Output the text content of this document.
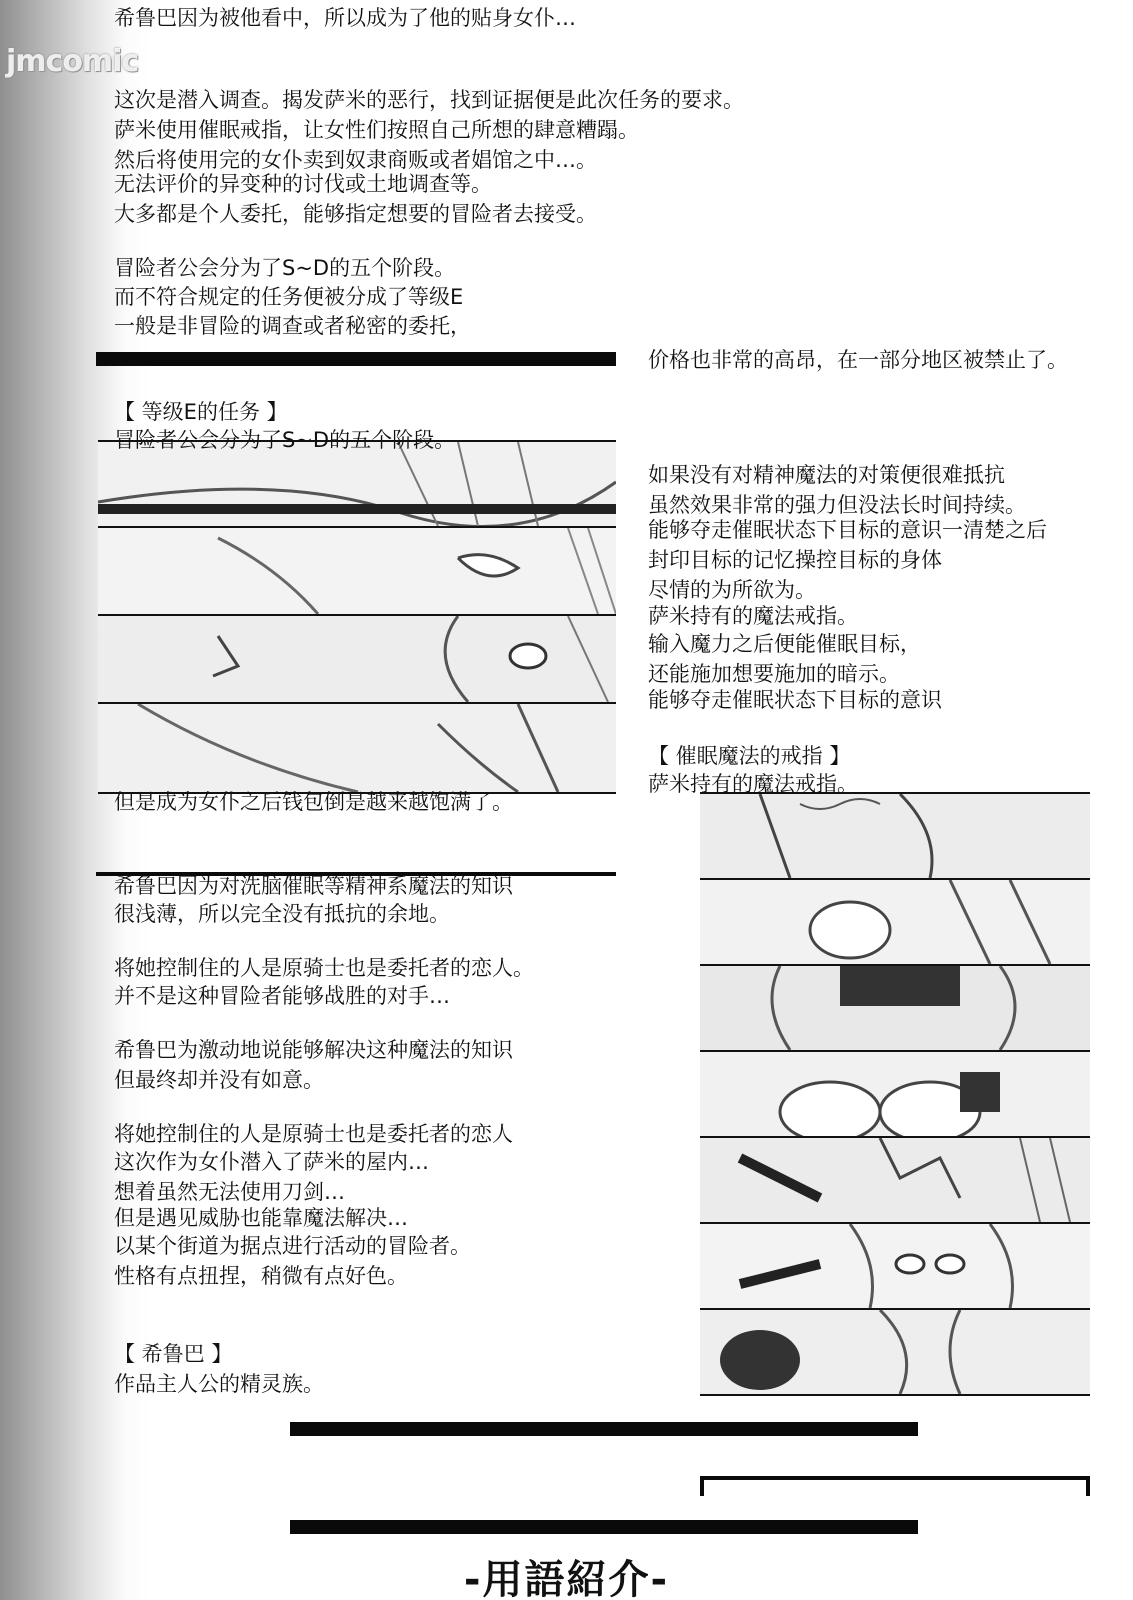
jmcomic
希鲁巴因为被他看中，所以成为了他的贴身女仆…
这次是潜入调查。揭发萨米的恶行，找到证据便是此次任务的要求。
萨米使用催眠戒指，让女性们按照自己所想的肆意糟蹋。
然后将使用完的女仆卖到奴隶商贩或者娼馆之中…。
无法评价的异变种的讨伐或土地调查等。
大多都是个人委托，能够指定想要的冒险者去接受。
冒险者公会分为了S~D的五个阶段。
而不符合规定的任务便被分成了等级E
一般是非冒险的调查或者秘密的委托，
价格也非常的高昂，在一部分地区被禁止了。
【 等级E的任务 】
冒险者公会分为了S~D的五个阶段。
如果没有对精神魔法的对策便很难抵抗
虽然效果非常的强力但没法长时间持续。
能够夺走催眠状态下目标的意识一清楚之后
封印目标的记忆操控目标的身体
尽情的为所欲为。
萨米持有的魔法戒指。
输入魔力之后便能催眠目标，
还能施加想要施加的暗示。
能够夺走催眠状态下目标的意识
【 催眠魔法的戒指 】
萨米持有的魔法戒指。
但是成为女仆之后钱包倒是越来越饱满了。
希鲁巴因为对洗脑催眠等精神系魔法的知识
很浅薄，所以完全没有抵抗的余地。
将她控制住的人是原骑士也是委托者的恋人。
并不是这种冒险者能够战胜的对手…
希鲁巴为激动地说能够解决这种魔法的知识
但最终却并没有如意。
将她控制住的人是原骑士也是委托者的恋人
这次作为女仆潜入了萨米的屋内…
想着虽然无法使用刀剑…
但是遇见威胁也能靠魔法解决…
以某个街道为据点进行活动的冒险者。
性格有点扭捏，稍微有点好色。
【 希鲁巴 】
作品主人公的精灵族。
-用語紹介-
